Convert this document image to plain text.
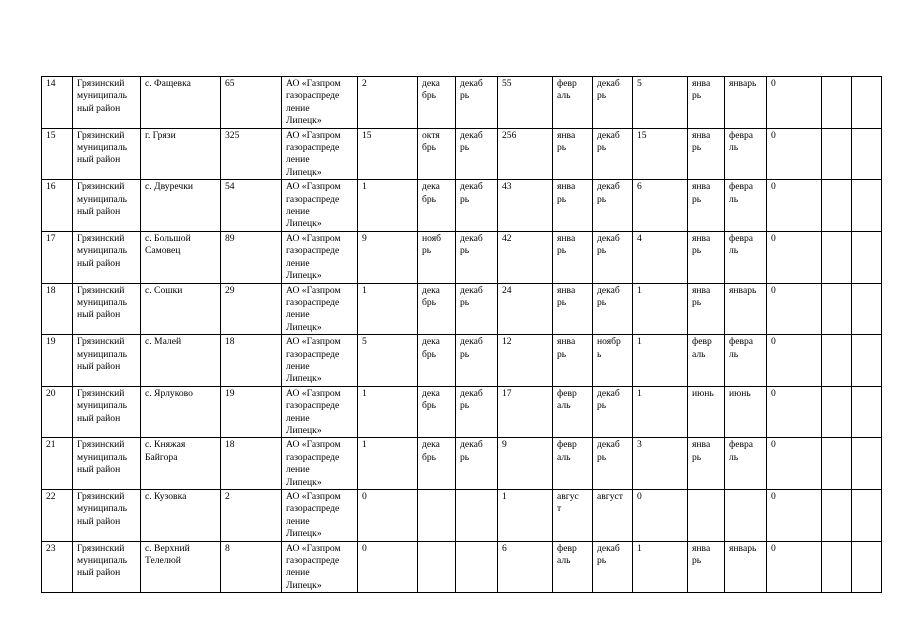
14	Грязинский
муниципаль
ный район	с. Фащевка	65	АО «Газпром
газораспреде
ление
Липецк»	2	дека
брь	декаб
рь	55	февр
аль	декаб
рь	5	янва
рь	январь	0		
15	Грязинский
муниципаль
ный район	г. Грязи	325	АО «Газпром
газораспреде
ление
Липецк»	15	октя
брь	декаб
рь	256	янва
рь	декаб
рь	15	янва
рь	февра
ль	0		
16	Грязинский
муниципаль
ный район	с. Двуречки	54	АО «Газпром
газораспреде
ление
Липецк»	1	дека
брь	декаб
рь	43	янва
рь	декаб
рь	6	янва
рь	февра
ль	0		
17	Грязинский
муниципаль
ный район	с. Большой
Самовец	89	АО «Газпром
газораспреде
ление
Липецк»	9	нояб
рь	декаб
рь	42	янва
рь	декаб
рь	4	янва
рь	февра
ль	0		
18	Грязинский
муниципаль
ный район	с. Сошки	29	АО «Газпром
газораспреде
ление
Липецк»	1	дека
брь	декаб
рь	24	янва
рь	декаб
рь	1	янва
рь	январь	0		
19	Грязинский
муниципаль
ный район	с. Малей	18	АО «Газпром
газораспреде
ление
Липецк»	5	дека
брь	декаб
рь	12	янва
рь	ноябр
ь	1	февр
аль	февра
ль	0		
20	Грязинский
муниципаль
ный район	с. Ярлуково	19	АО «Газпром
газораспреде
ление
Липецк»	1	дека
брь	декаб
рь	17	февр
аль	декаб
рь	1	июнь	июнь	0		
21	Грязинский
муниципаль
ный район	с. Княжая
Байгора	18	АО «Газпром
газораспреде
ление
Липецк»	1	дека
брь	декаб
рь	9	февр
аль	декаб
рь	3	янва
рь	февра
ль	0		
22	Грязинский
муниципаль
ный район	с. Кузовка	2	АО «Газпром
газораспреде
ление
Липецк»	0			1	авгус
т	август	0			0		
23	Грязинский
муниципаль
ный район	с. Верхний
Телелюй	8	АО «Газпром
газораспреде
ление
Липецк»	0			6	февр
аль	декаб
рь	1	янва
рь	январь	0		
